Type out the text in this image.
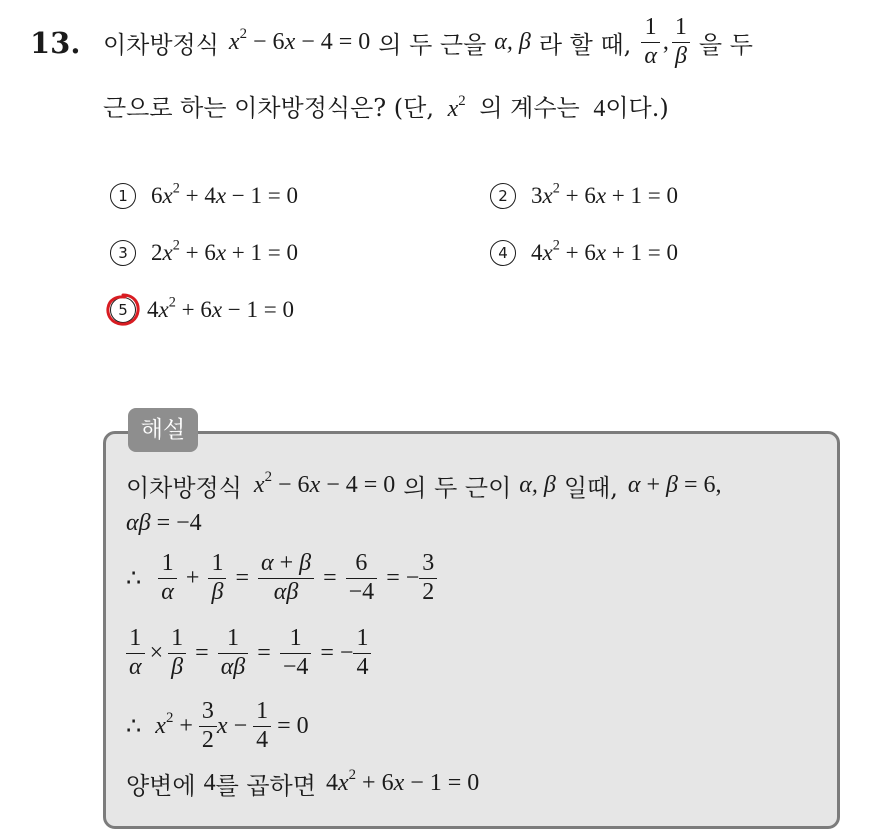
13. 이차방정식 $x^2 - 6x - 4 = 0$ 의 두 근을 α, β 라 할 때, $\frac{1}{\alpha}$ , $\frac{1}{\beta}$ 을 두
근으로 하는 이차방정식은? (단, $x^2$ 의 계수는 4이다.)
1	$6x^2 + 4x - 1 = 0$	2	$3x^2 + 6x + 1 = 0$
3	$2x^2 + 6x + 1 = 0$	4	$4x^2 + 6x + 1 = 0$
5 $4x^2 + 6x - 1 = 0$
해설
이차방정식 $x^2 - 6x - 4 = 0$ 의 두 근이 α, β 일때, α + β = 6,
αβ = −4
∴ $\frac{1}{\alpha} + \frac{1}{\beta} = \frac{\alpha + \beta}{\alpha\beta} = \frac{6}{-4}$ = − $\frac{3}{2}$
$\frac{1}{\alpha} \times \frac{1}{\beta} = \frac{1}{\alpha\beta} = \frac{1}{-4}$ = − $\frac{1}{4}$
∴ $x^2 + \frac{3}{2}$ $x - \frac{1}{4} = 0$
양변에 4 를 곱하면 $4x^2 + 6x - 1 = 0$
